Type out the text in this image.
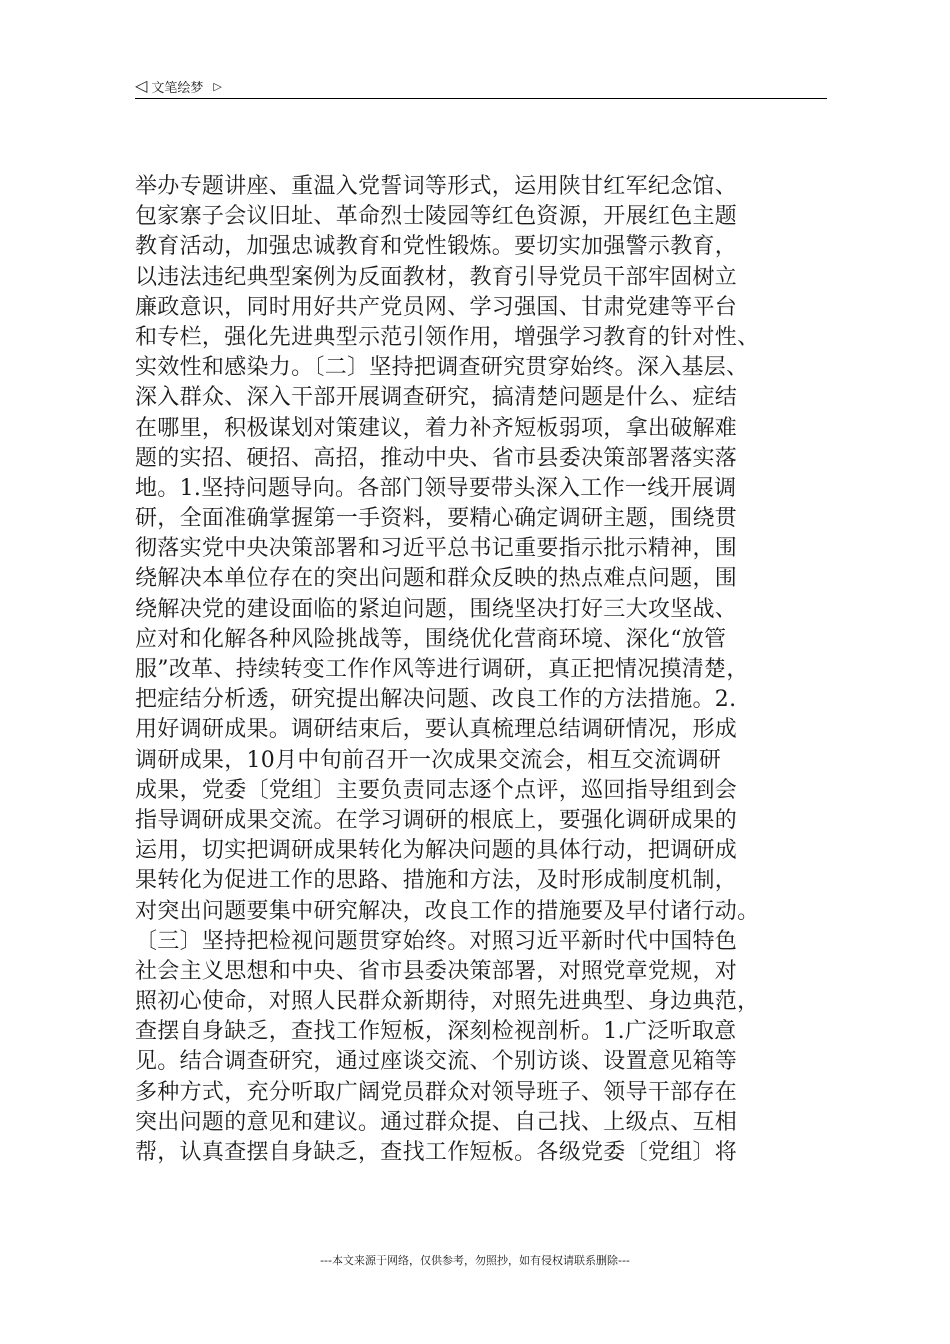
◁ 文笔绘梦 ▷
举办专题讲座、重温入党誓词等形式，运用陕甘红军纪念馆、
包家寨子会议旧址、革命烈士陵园等红色资源，开展红色主题
教育活动，加强忠诚教育和党性锻炼。要切实加强警示教育，
以违法违纪典型案例为反面教材，教育引导党员干部牢固树立
廉政意识，同时用好共产党员网、学习强国、甘肃党建等平台
和专栏，强化先进典型示范引领作用，增强学习教育的针对性、
实效性和感染力。〔二〕坚持把调查研究贯穿始终。深入基层、
深入群众、深入干部开展调查研究，搞清楚问题是什么、症结
在哪里，积极谋划对策建议，着力补齐短板弱项，拿出破解难
题的实招、硬招、高招，推动中央、省市县委决策部署落实落
地。1.坚持问题导向。各部门领导要带头深入工作一线开展调
研，全面准确掌握第一手资料，要精心确定调研主题，围绕贯
彻落实党中央决策部署和习近平总书记重要指示批示精神，围
绕解决本单位存在的突出问题和群众反映的热点难点问题，围
绕解决党的建设面临的紧迫问题，围绕坚决打好三大攻坚战、
应对和化解各种风险挑战等，围绕优化营商环境、深化“放管
服”改革、持续转变工作作风等进行调研，真正把情况摸清楚，
把症结分析透，研究提出解决问题、改良工作的方法措施。2.
用好调研成果。调研结束后，要认真梳理总结调研情况，形成
调研成果，10月中旬前召开一次成果交流会，相互交流调研
成果，党委〔党组〕主要负责同志逐个点评，巡回指导组到会
指导调研成果交流。在学习调研的根底上，要强化调研成果的
运用，切实把调研成果转化为解决问题的具体行动，把调研成
果转化为促进工作的思路、措施和方法，及时形成制度机制，
对突出问题要集中研究解决，改良工作的措施要及早付诸行动。
〔三〕坚持把检视问题贯穿始终。对照习近平新时代中国特色
社会主义思想和中央、省市县委决策部署，对照党章党规，对
照初心使命，对照人民群众新期待，对照先进典型、身边典范，
查摆自身缺乏，查找工作短板，深刻检视剖析。1.广泛听取意
见。结合调查研究，通过座谈交流、个别访谈、设置意见箱等
多种方式，充分听取广阔党员群众对领导班子、领导干部存在
突出问题的意见和建议。通过群众提、自己找、上级点、互相
帮，认真查摆自身缺乏，查找工作短板。各级党委〔党组〕将
---本文来源于网络，仅供参考，勿照抄，如有侵权请联系删除---
